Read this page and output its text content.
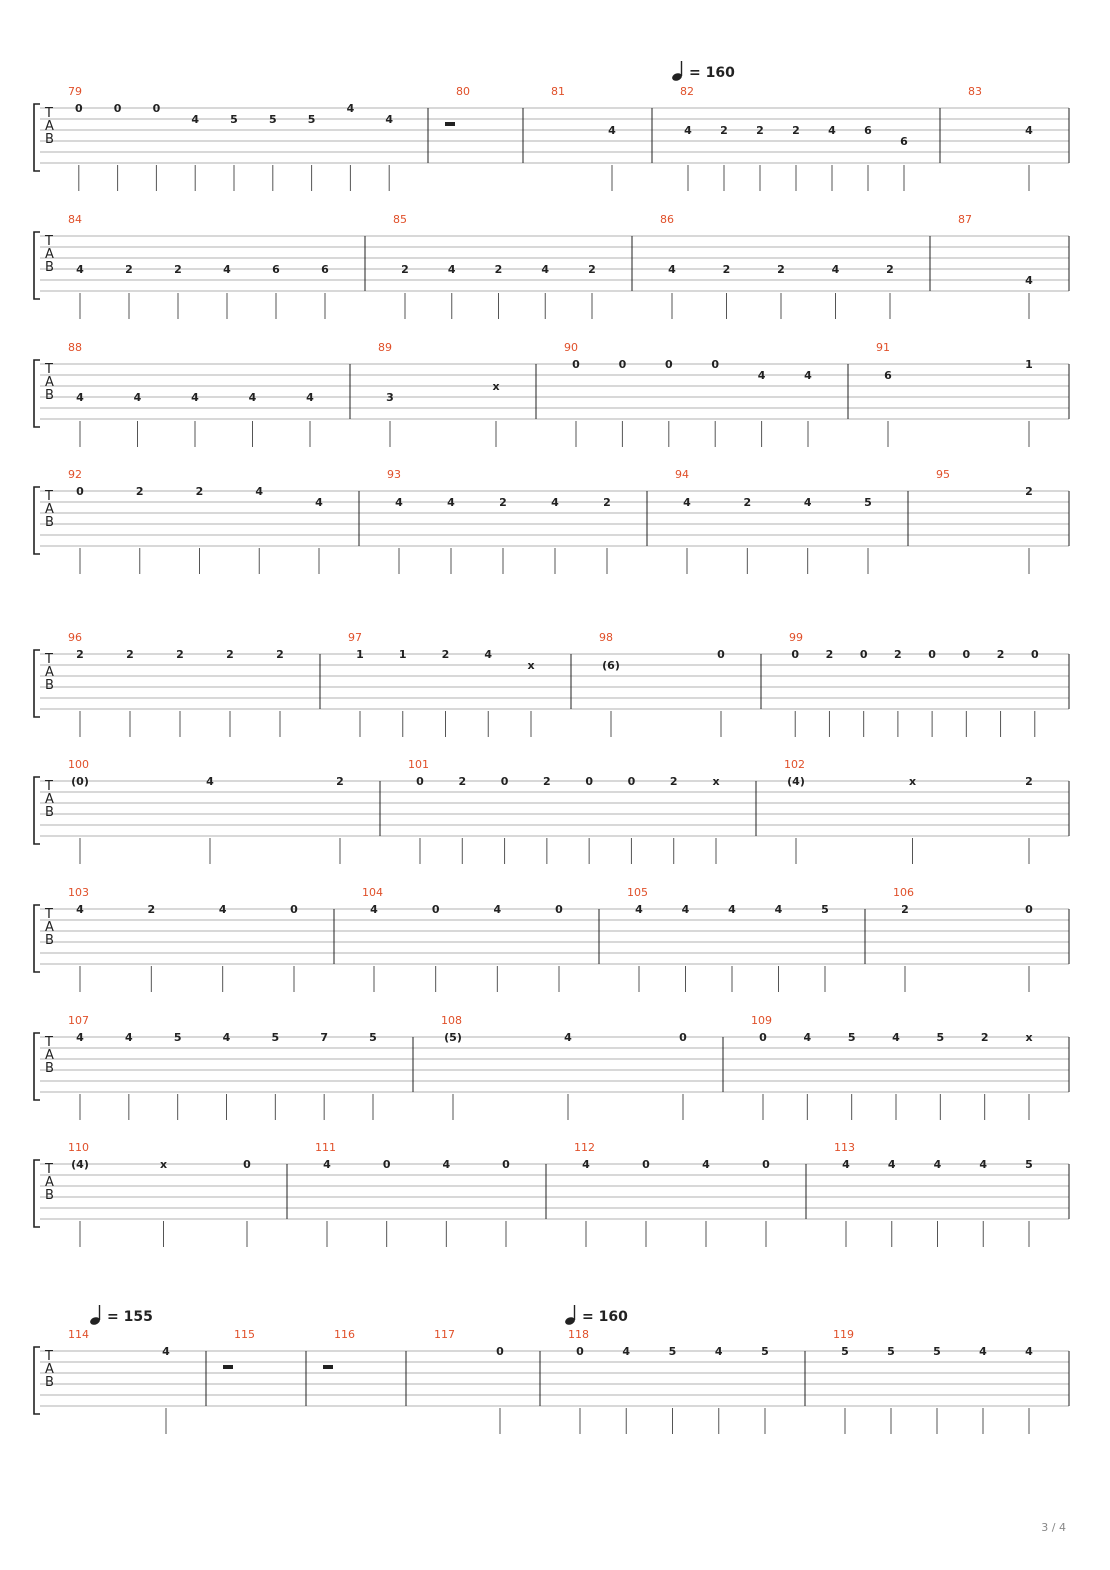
T
A
B
79
0	0	0
4	5	5	5
4
4
80	81
4
82
4	2	2	2	4	6
6
83
4
T
A
B
84
4	2	2	4	6	6
85
2	4	2	4	2
86
4	2	2	4	2
87
4
T
A
B
88
4	4	4	4	4
89
3
x
90
0	0	0	0
4	4
91
6
1
T
A
B
92
0	2	2	4
4
93
4	4	2	4	2
94
4	2	4	5
95
2
T
A
B
96
2	2	2	2	2
97
1	1	2	4
x
98
(6)
0
99
0 2 0 2 0 0 2 0
T
A
B
100
(0)	4	2
101
0	2	0	2	0	0	2	x
102
(4)	x	2
T
A
B
103
4	2	4	0
104
4	0	4	0
105
4	4	4	4	5
106
2	0
T
A
B
107
4	4	5	4	5	7	5
108
(5)	4	0
109
0	4	5	4	5	2	x
T
A
B
110
(4)	x	0
111
4	0	4	0
112
4	0	4	0
113
4	4	4	4	5
T
A
B
114
4
115	116	117
0
118
0	4	5	4	5
119
5	5	5	4	4
= 160
= 155	= 160
3 / 4
